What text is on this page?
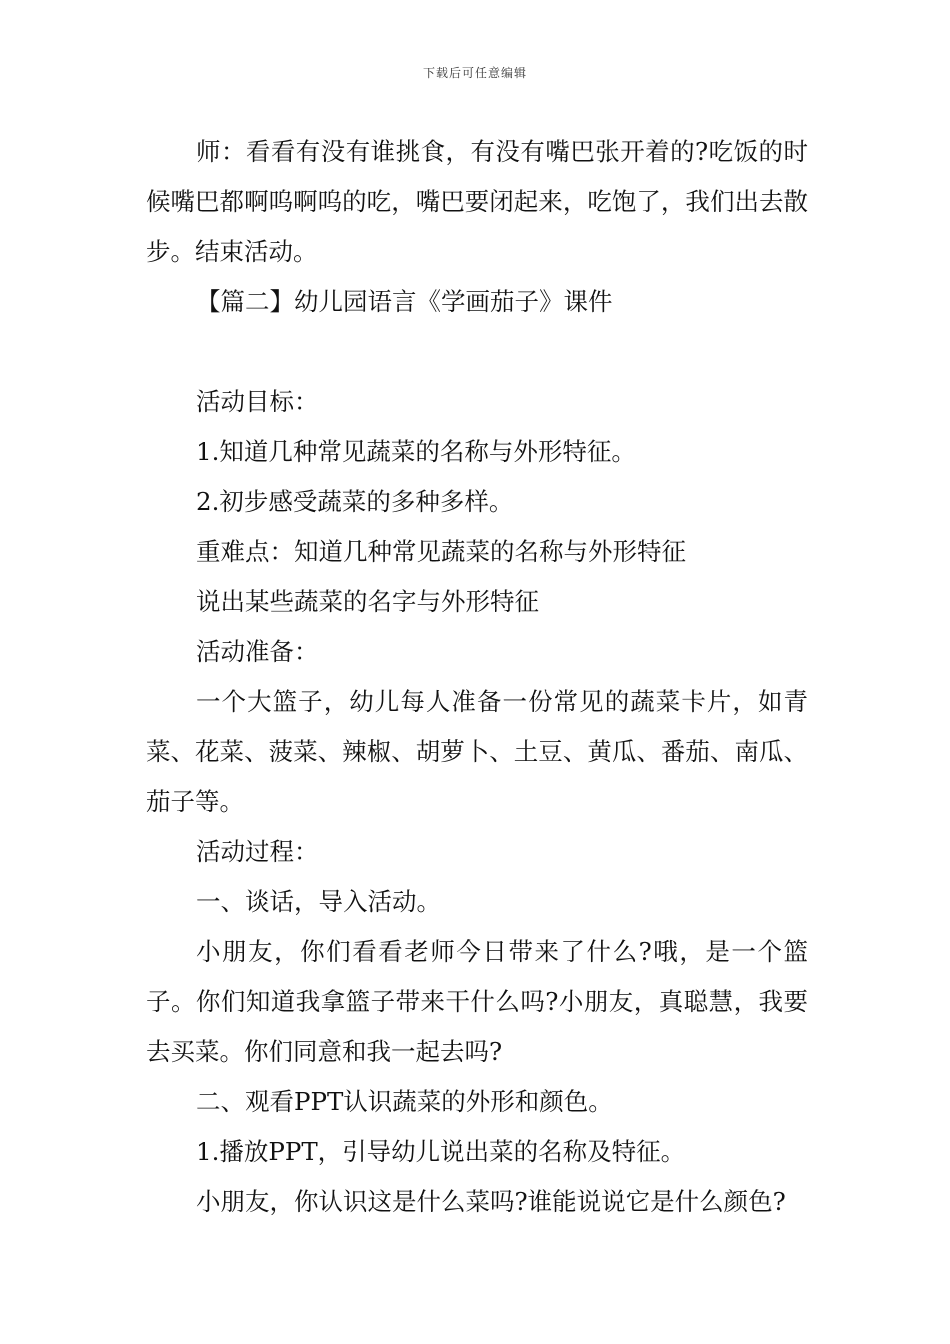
下载后可任意编辑

师：看看有没有谁挑食，有没有嘴巴张开着的?吃饭的时候嘴巴都啊呜啊呜的吃，嘴巴要闭起来，吃饱了，我们出去散步。结束活动。

【篇二】幼儿园语言《学画茄子》课件

活动目标：

1.知道几种常见蔬菜的名称与外形特征。

2.初步感受蔬菜的多种多样。

重难点：知道几种常见蔬菜的名称与外形特征

说出某些蔬菜的名字与外形特征

活动准备：

一个大篮子，幼儿每人准备一份常见的蔬菜卡片，如青菜、花菜、菠菜、辣椒、胡萝卜、土豆、黄瓜、番茄、南瓜、茄子等。

活动过程：

一、谈话，导入活动。

小朋友，你们看看老师今日带来了什么?哦，是一个篮子。你们知道我拿篮子带来干什么吗?小朋友，真聪慧，我要去买菜。你们同意和我一起去吗?

二、观看PPT认识蔬菜的外形和颜色。

1.播放PPT，引导幼儿说出菜的名称及特征。

小朋友，你认识这是什么菜吗?谁能说说它是什么颜色?
